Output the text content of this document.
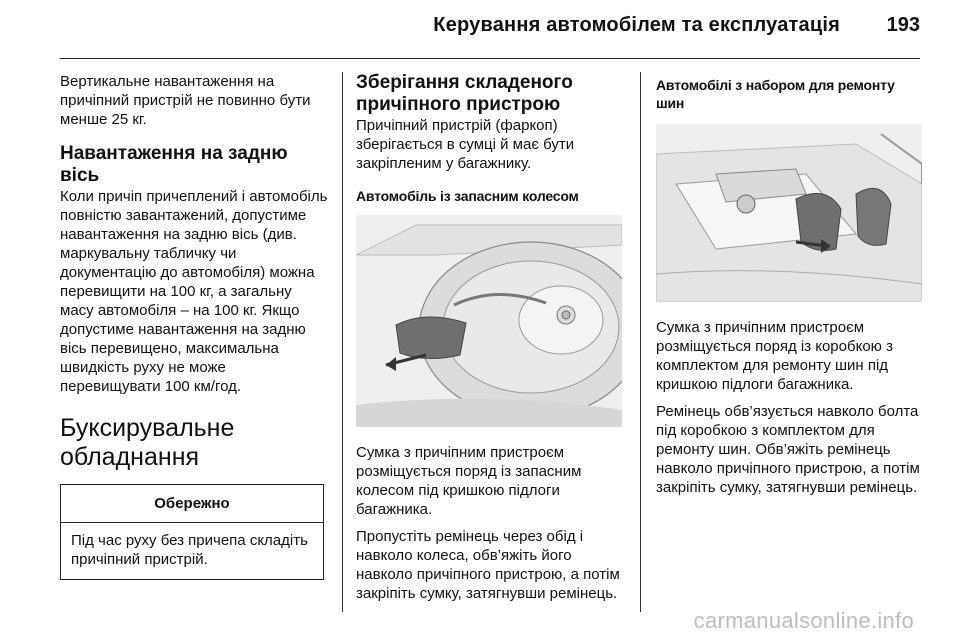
Керування автомобілем та експлуатація 193

Вертикальне навантаження на причіпний пристрій не повинно бути менше 25 кг.

Навантаження на задню вісь

Коли причіп причеплений і автомобіль повністю завантажений, допустиме навантаження на задню вісь (див. маркувальну табличку чи документацію до автомобіля) можна перевищити на 100 кг, а загальну масу автомобіля – на 100 кг. Якщо допустиме навантаження на задню вісь перевищено, максимальна швидкість руху не може перевищувати 100 км/год.

Буксирувальне обладнання
Обережно
Під час руху без причепа складіть причіпний пристрій.
Зберігання складеного причіпного пристрою

Причіпний пристрій (фаркоп) зберігається в сумці й має бути закріпленим у багажнику.

Автомобіль із запасним колесом

Сумка з причіпним пристроєм розміщується поряд із запасним колесом під кришкою підлоги багажника.

Пропустіть ремінець через обід і навколо колеса, обв’яжіть його навколо причіпного пристрою, а потім закріпіть сумку, затягнувши ремінець.

Автомобілі з набором для ремонту шин

Сумка з причіпним пристроєм розміщується поряд із коробкою з комплектом для ремонту шин під кришкою підлоги багажника.

Ремінець обв’язується навколо болта під коробкою з комплектом для ремонту шин. Обв’яжіть ремінець навколо причіпного пристрою, а потім закріпіть сумку, затягнувши ремінець.

carmanualsonline.info
